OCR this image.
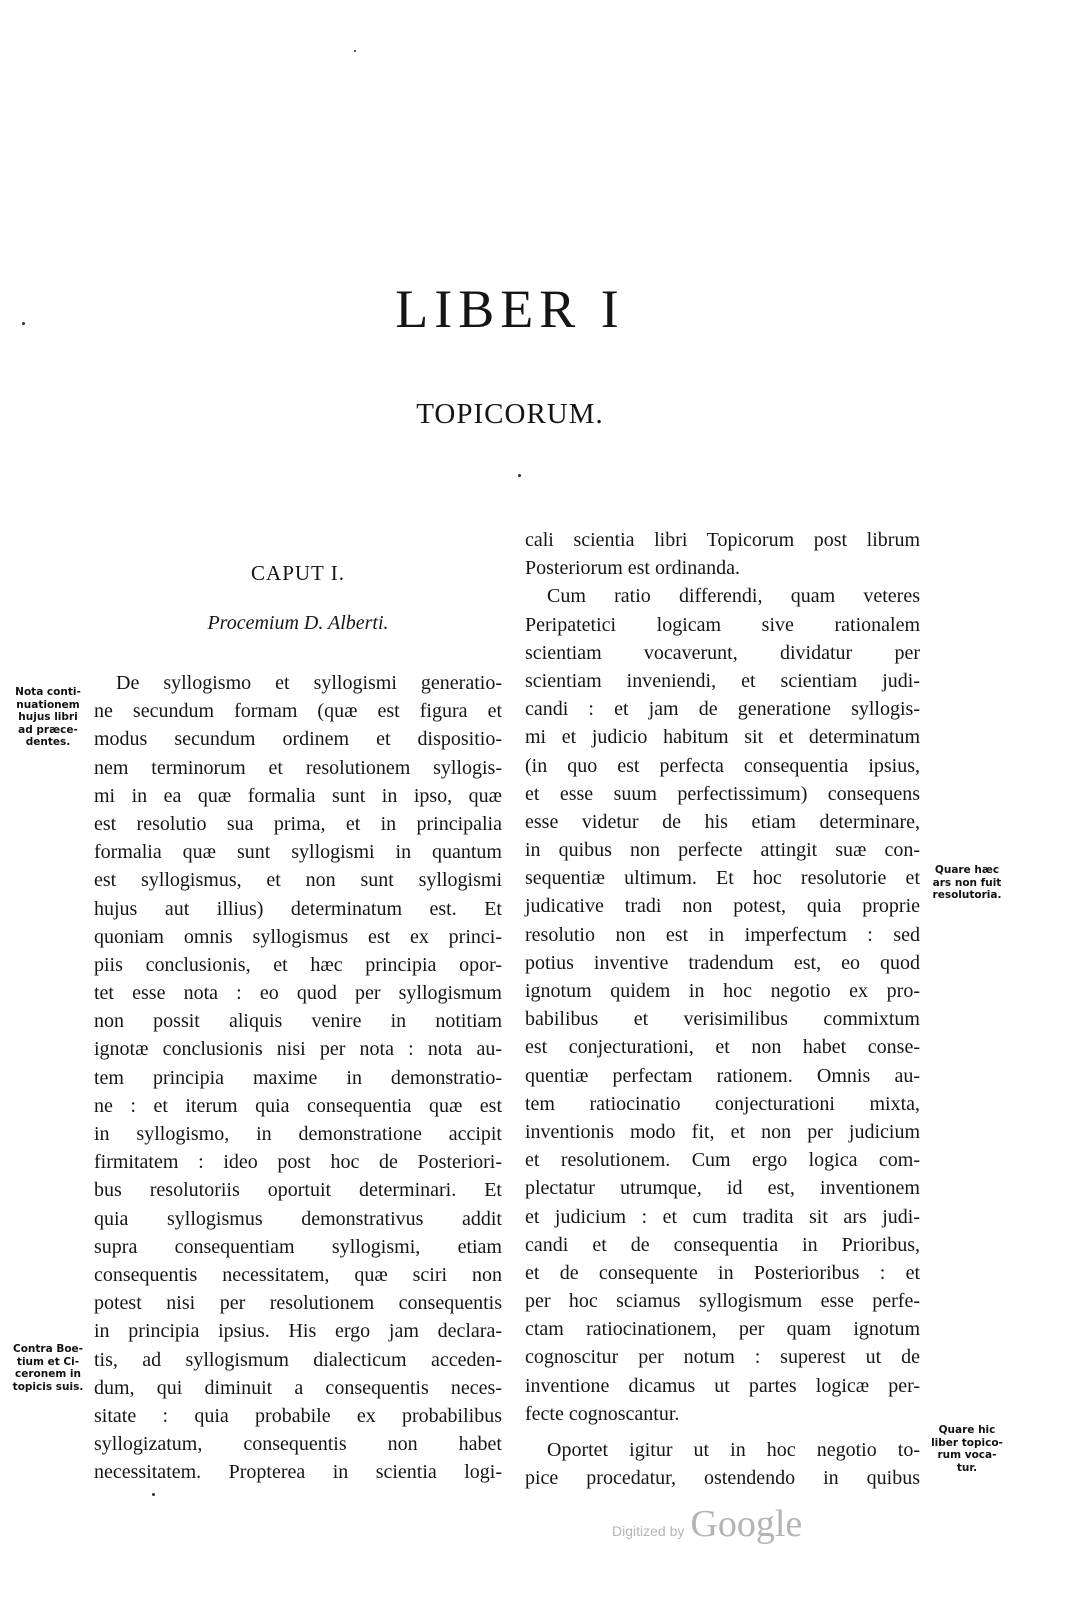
LIBER I
TOPICORUM.
CAPUT I.
Procemium D. Alberti.
De syllogismo et syllogismi generatio-
ne secundum formam (quæ est figura et
modus secundum ordinem et dispositio-
nem terminorum et resolutionem syllogis-
mi in ea quæ formalia sunt in ipso, quæ
est resolutio sua prima, et in principalia
formalia quæ sunt syllogismi in quantum
est syllogismus, et non sunt syllogismi
hujus aut illius) determinatum est. Et
quoniam omnis syllogismus est ex princi-
piis conclusionis, et hæc principia opor-
tet esse nota : eo quod per syllogismum
non possit aliquis venire in notitiam
ignotæ conclusionis nisi per nota : nota au-
tem principia maxime in demonstratio-
ne : et iterum quia consequentia quæ est
in syllogismo, in demonstratione accipit
firmitatem : ideo post hoc de Posteriori-
bus resolutoriis oportuit determinari. Et
quia syllogismus demonstrativus addit
supra consequentiam syllogismi, etiam
consequentis necessitatem, quæ sciri non
potest nisi per resolutionem consequentis
in principia ipsius. His ergo jam declara-
tis, ad syllogismum dialecticum acceden-
dum, qui diminuit a consequentis neces-
sitate : quia probabile ex probabilibus
syllogizatum, consequentis non habet
necessitatem. Propterea in scientia logi-
cali scientia libri Topicorum post librum
Posteriorum est ordinanda.
Cum ratio differendi, quam veteres
Peripatetici logicam sive rationalem
scientiam vocaverunt, dividatur per
scientiam inveniendi, et scientiam judi-
candi : et jam de generatione syllogis-
mi et judicio habitum sit et determinatum
(in quo est perfecta consequentia ipsius,
et esse suum perfectissimum) consequens
esse videtur de his etiam determinare,
in quibus non perfecte attingit suæ con-
sequentiæ ultimum. Et hoc resolutorie et
judicative tradi non potest, quia proprie
resolutio non est in imperfectum : sed
potius inventive tradendum est, eo quod
ignotum quidem in hoc negotio ex pro-
babilibus et verisimilibus commixtum
est conjecturationi, et non habet conse-
quentiæ perfectam rationem. Omnis au-
tem ratiocinatio conjecturationi mixta,
inventionis modo fit, et non per judicium
et resolutionem. Cum ergo logica com-
plectatur utrumque, id est, inventionem
et judicium : et cum tradita sit ars judi-
candi et de consequentia in Prioribus,
et de consequente in Posterioribus : et
per hoc sciamus syllogismum esse perfe-
ctam ratiocinationem, per quam ignotum
cognoscitur per notum : superest ut de
inventione dicamus ut partes logicæ per-
fecte cognoscantur.
Oportet igitur ut in hoc negotio to-
pice procedatur, ostendendo in quibus
Nota conti-
nuationem
hujus libri
ad præce-
dentes.
Contra Boe-
tium et Ci-
ceronem in
topicis suis.
Quare hæc
ars non fuit
resolutoria.
Quare hic
liber topico-
rum voca-
tur.
Digitized by Google
